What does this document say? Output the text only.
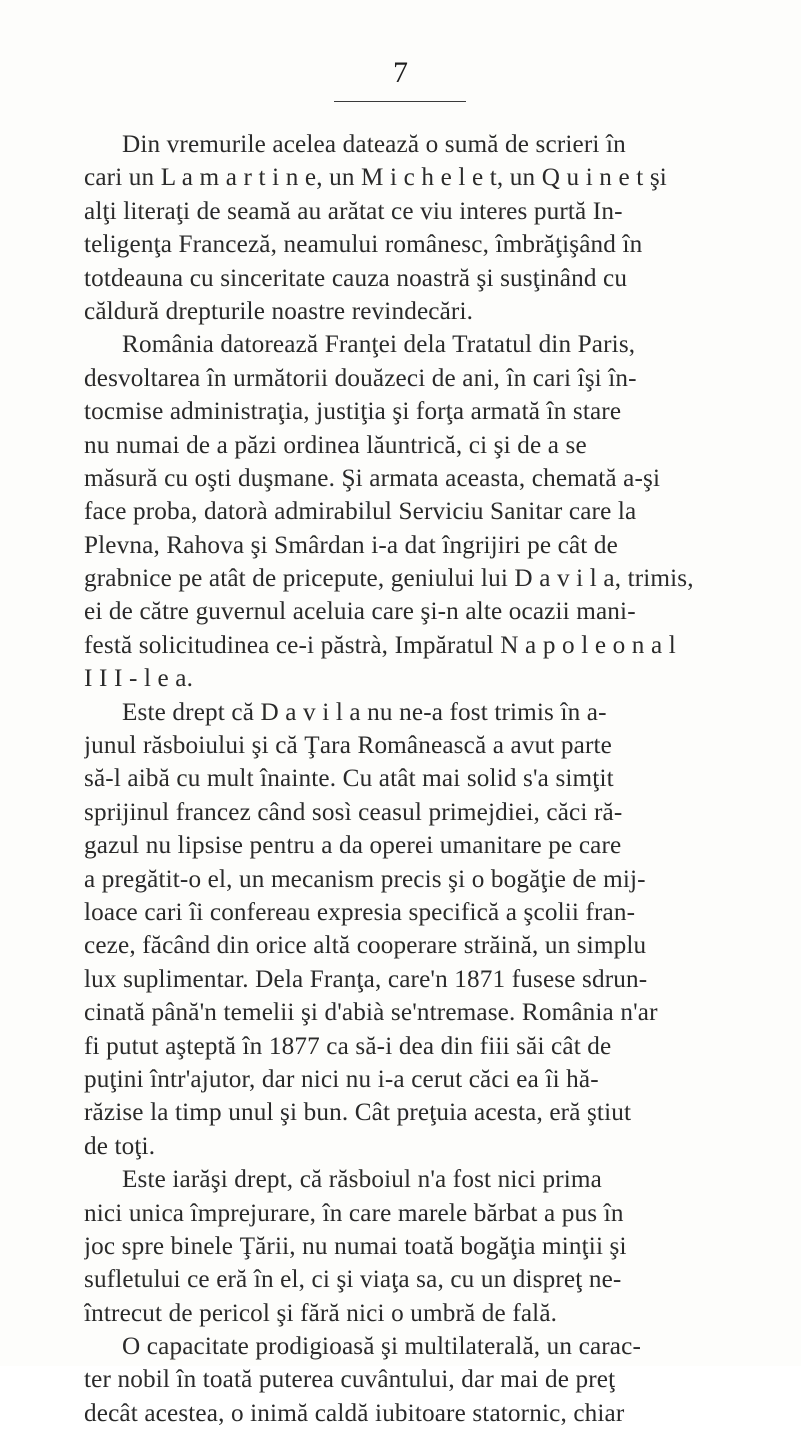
7
Din vremurile acelea datează o sumă de scrieri în
cari un L a m a r t i n e, un M i c h e l e t, un Q u i n e t şi
alţi literaţi de seamă au arătat ce viu interes purtă In-
teligenţa Franceză, neamului românesc, îmbrăţişând în
totdeauna cu sinceritate cauza noastră şi susţinând cu
căldură drepturile noastre revindecări.
România datorează Franţei dela Tratatul din Paris,
desvoltarea în următorii douăzeci de ani, în cari îşi în-
tocmise administraţia, justiţia şi forţa armată în stare
nu numai de a păzi ordinea lăuntrică, ci şi de a se
măsură cu oşti duşmane. Şi armata aceasta, chemată a-şi
face proba, datorà admirabilul Serviciu Sanitar care la
Plevna, Rahova şi Smârdan i-a dat îngrijiri pe cât de
grabnice pe atât de pricepute, geniului lui D a v i l a, trimis,
ei de către guvernul aceluia care şi-n alte ocazii mani-
festă solicitudinea ce-i păstrà, Impăratul N a p o l e o n a l
I I I - l e a.
Este drept că D a v i l a nu ne-a fost trimis în a-
junul răsboiului şi că Ţara Românească a avut parte
să-l aibă cu mult înainte. Cu atât mai solid s'a simţit
sprijinul francez când sosì ceasul primejdiei, căci ră-
gazul nu lipsise pentru a da operei umanitare pe care
a pregătit-o el, un mecanism precis şi o bogăţie de mij-
loace cari îi confereau expresia specifică a şcolii fran-
ceze, făcând din orice altă cooperare străină, un simplu
lux suplimentar. Dela Franţa, care'n 1871 fusese sdrun-
cinată până'n temelii şi d'abià se'ntremase. România n'ar
fi putut aşteptă în 1877 ca să-i dea din fiii săi cât de
puţini într'ajutor, dar nici nu i-a cerut căci ea îi hă-
răzise la timp unul şi bun. Cât preţuia acesta, eră ştiut
de toţi.
Este iarăşi drept, că răsboiul n'a fost nici prima
nici unica împrejurare, în care marele bărbat a pus în
joc spre binele Ţării, nu numai toată bogăţia minţii şi
sufletului ce eră în el, ci şi viaţa sa, cu un dispreţ ne-
întrecut de pericol şi fără nici o umbră de fală.
O capacitate prodigioasă şi multilaterală, un carac-
ter nobil în toată puterea cuvântului, dar mai de preţ
decât acestea, o inimă caldă iubitoare statornic, chiar
